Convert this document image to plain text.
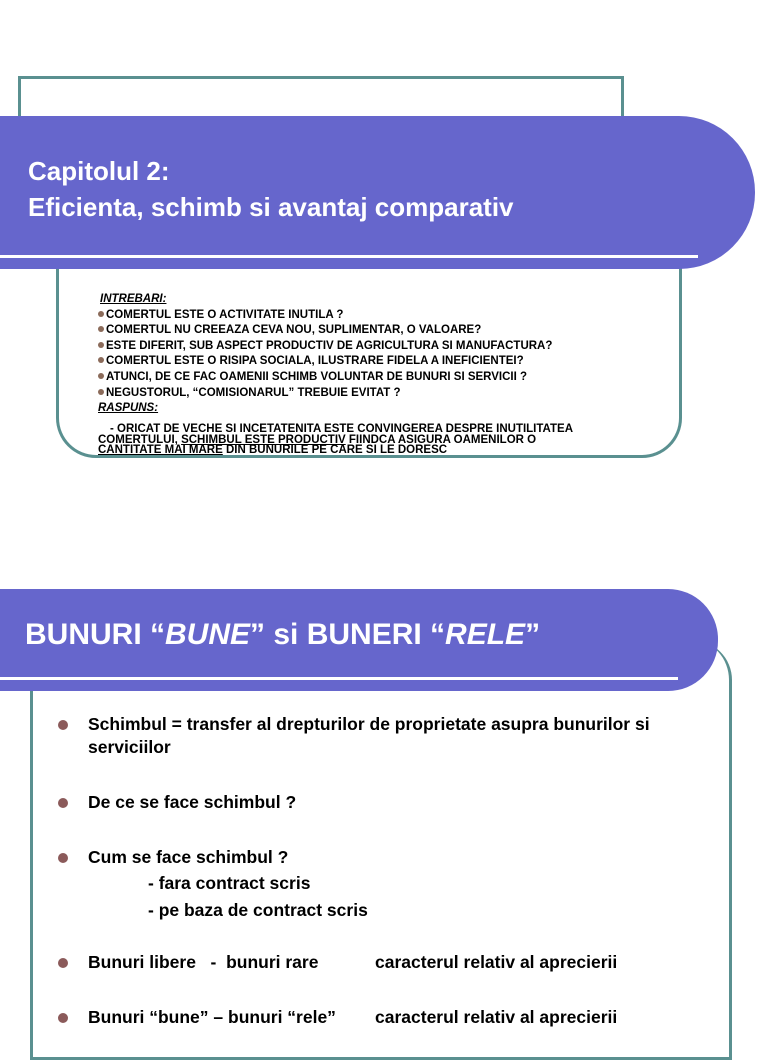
Capitolul 2:
Eficienta, schimb si avantaj comparativ
INTREBARI:
COMERTUL ESTE O ACTIVITATE INUTILA ?
COMERTUL NU CREEAZA CEVA NOU, SUPLIMENTAR, O VALOARE?
ESTE DIFERIT, SUB ASPECT PRODUCTIV DE AGRICULTURA SI MANUFACTURA?
COMERTUL ESTE O RISIPA SOCIALA, ILUSTRARE FIDELA A INEFICIENTEI?
ATUNCI, DE CE FAC OAMENII SCHIMB VOLUNTAR DE BUNURI SI SERVICII ?
NEGUSTORUL, “COMISIONARUL” TREBUIE EVITAT ?
RASPUNS:
- ORICAT DE VECHE SI INCETATENITA ESTE CONVINGEREA DESPRE INUTILITATEA
COMERTULUI, SCHIMBUL ESTE PRODUCTIV FIINDCA ASIGURA OAMENILOR O
CANTITATE MAI MARE DIN BUNURILE PE CARE SI LE DORESC
BUNURI “BUNE” si BUNERI “RELE”
Schimbul = transfer al drepturilor de proprietate asupra bunurilor si
serviciilor
De ce se face schimbul ?
Cum se face schimbul ?
- fara contract scris
- pe baza de contract scris
Bunuri libere   -  bunuri rare	caracterul relativ al aprecierii
Bunuri “bune” – bunuri “rele” caracterul relativ al aprecierii
